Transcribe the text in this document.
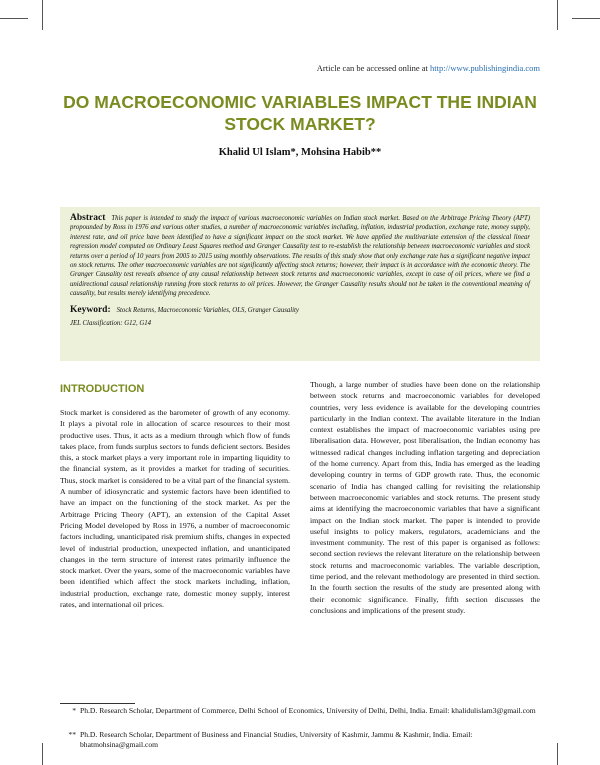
Article can be accessed online at http://www.publishingindia.com
DO MACROECONOMIC VARIABLES IMPACT THE INDIAN STOCK MARKET?
Khalid Ul Islam*, Mohsina Habib**

Abstract This paper is intended to study the impact of various macroeconomic variables on Indian stock market. Based on the Arbitrage Pricing Theory (APT) propounded by Ross in 1976 and various other studies, a number of macroeconomic variables including, inflation, industrial production, exchange rate, money supply, interest rate, and oil price have been identified to have a significant impact on the stock market. We have applied the multivariate extension of the classical linear regression model computed on Ordinary Least Squares method and Granger Causality test to re-establish the relationship between macroeconomic variables and stock returns over a period of 10 years from 2005 to 2015 using monthly observations. The results of this study show that only exchange rate has a significant negative impact on stock returns. The other macroeconomic variables are not significantly affecting stock returns; however, their impact is in accordance with the economic theory. The Granger Causality test reveals absence of any causal relationship between stock returns and macroeconomic variables, except in case of oil prices, where we find a unidirectional causal relationship running from stock returns to oil prices. However, the Granger Causality results should not be taken in the conventional meaning of causality, but results merely identifying precedence.

Keyword: Stock Returns, Macroeconomic Variables, OLS, Granger Causality
JEL Classification: G12, G14
INTRODUCTION

Stock market is considered as the barometer of growth of any economy. It plays a pivotal role in allocation of scarce resources to their most productive uses. Thus, it acts as a medium through which flow of funds takes place, from funds surplus sectors to funds deficient sectors. Besides this, a stock market plays a very important role in imparting liquidity to the financial system, as it provides a market for trading of securities. Thus, stock market is considered to be a vital part of the financial system. A number of idiosyncratic and systemic factors have been identified to have an impact on the functioning of the stock market. As per the Arbitrage Pricing Theory (APT), an extension of the Capital Asset Pricing Model developed by Ross in 1976, a number of macroeconomic factors including, unanticipated risk premium shifts, changes in expected level of industrial production, unexpected inflation, and unanticipated changes in the term structure of interest rates primarily influence the stock market. Over the years, some of the macroeconomic variables have been identified which affect the stock markets including, inflation, industrial production, exchange rate, domestic money supply, interest rates, and international oil prices.

Though, a large number of studies have been done on the relationship between stock returns and macroeconomic variables for developed countries, very less evidence is available for the developing countries particularly in the Indian context. The available literature in the Indian context establishes the impact of macroeconomic variables using pre liberalisation data. However, post liberalisation, the Indian economy has witnessed radical changes including inflation targeting and depreciation of the home currency. Apart from this, India has emerged as the leading developing country in terms of GDP growth rate. Thus, the economic scenario of India has changed calling for revisiting the relationship between macroeconomic variables and stock returns. The present study aims at identifying the macroeconomic variables that have a significant impact on the Indian stock market. The paper is intended to provide useful insights to policy makers, regulators, academicians and the investment community. The rest of this paper is organised as follows: second section reviews the relevant literature on the relationship between stock returns and macroeconomic variables. The variable description, time period, and the relevant methodology are presented in third section. In the fourth section the results of the study are presented along with their economic significance. Finally, fifth section discusses the conclusions and implications of the present study.

* Ph.D. Research Scholar, Department of Commerce, Delhi School of Economics, University of Delhi, Delhi, India. Email: khalidulislam3@gmail.com
** Ph.D. Research Scholar, Department of Business and Financial Studies, University of Kashmir, Jammu & Kashmir, India. Email: bhatmohsina@gmail.com
